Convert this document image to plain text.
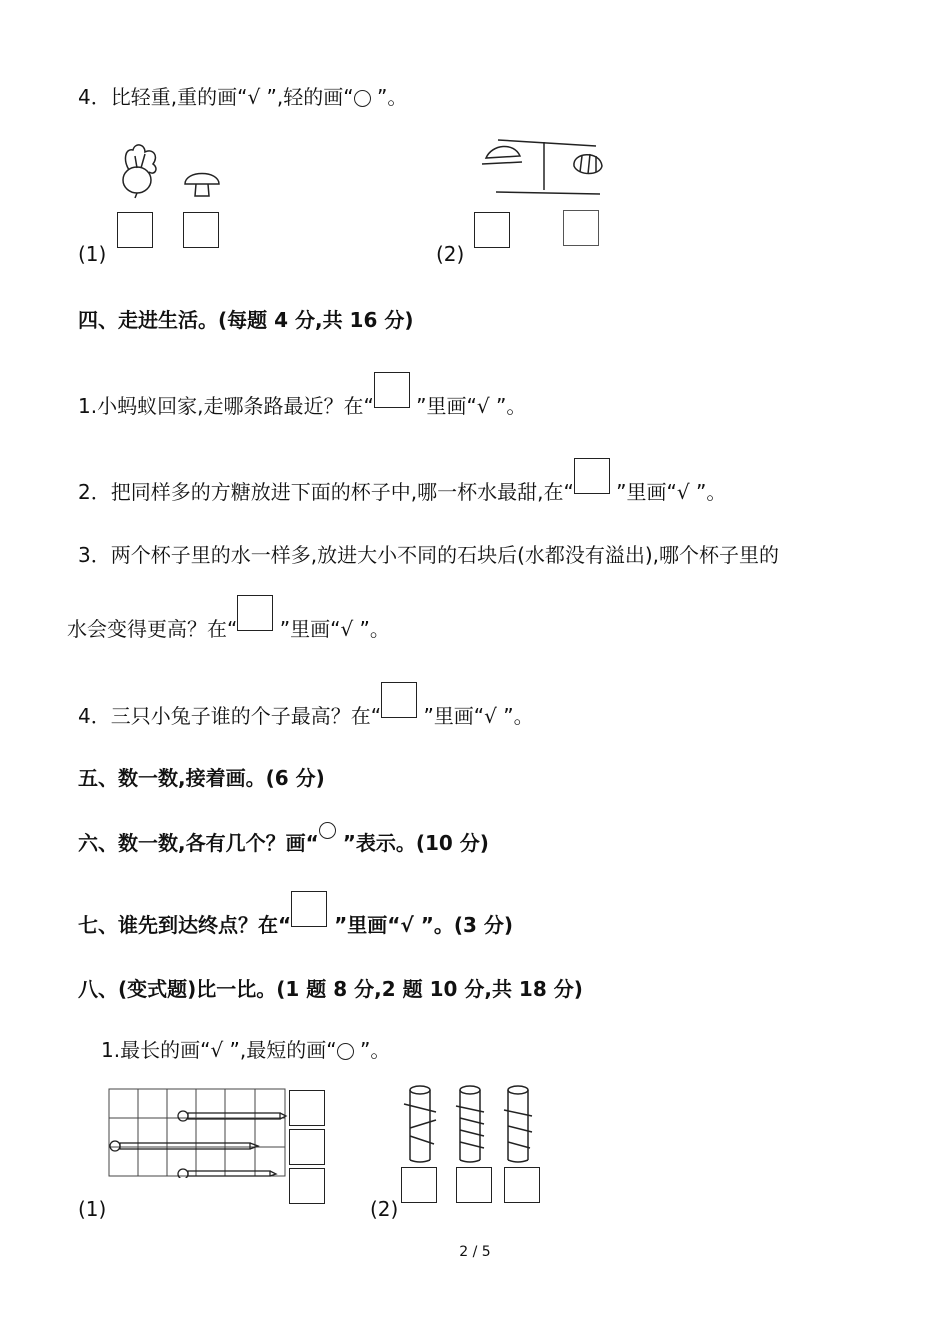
4．比轻重,重的画“√ ”,轻的画“ ”。
(1)	(2)
四、走进生活。(每题 4 分,共 16 分)
1.小蚂蚁回家,走哪条路最近？在“ ”里画“√ ”。
2．把同样多的方糖放进下面的杯子中,哪一杯水最甜,在“ ”里画“√ ”。
3．两个杯子里的水一样多,放进大小不同的石块后(水都没有溢出),哪个杯子里的
水会变得更高？在“ ”里画“√ ”。
4．三只小兔子谁的个子最高？在“ ”里画“√ ”。
五、数一数,接着画。(6 分)
六、数一数,各有几个？画“ ”表示。(10 分)
七、谁先到达终点？在“ ”里画“√ ”。(3 分)
八、(变式题)比一比。(1 题 8 分,2 题 10 分,共 18 分)
1.最长的画“√ ”,最短的画“ ”。
(1)	(2)
2 / 5
